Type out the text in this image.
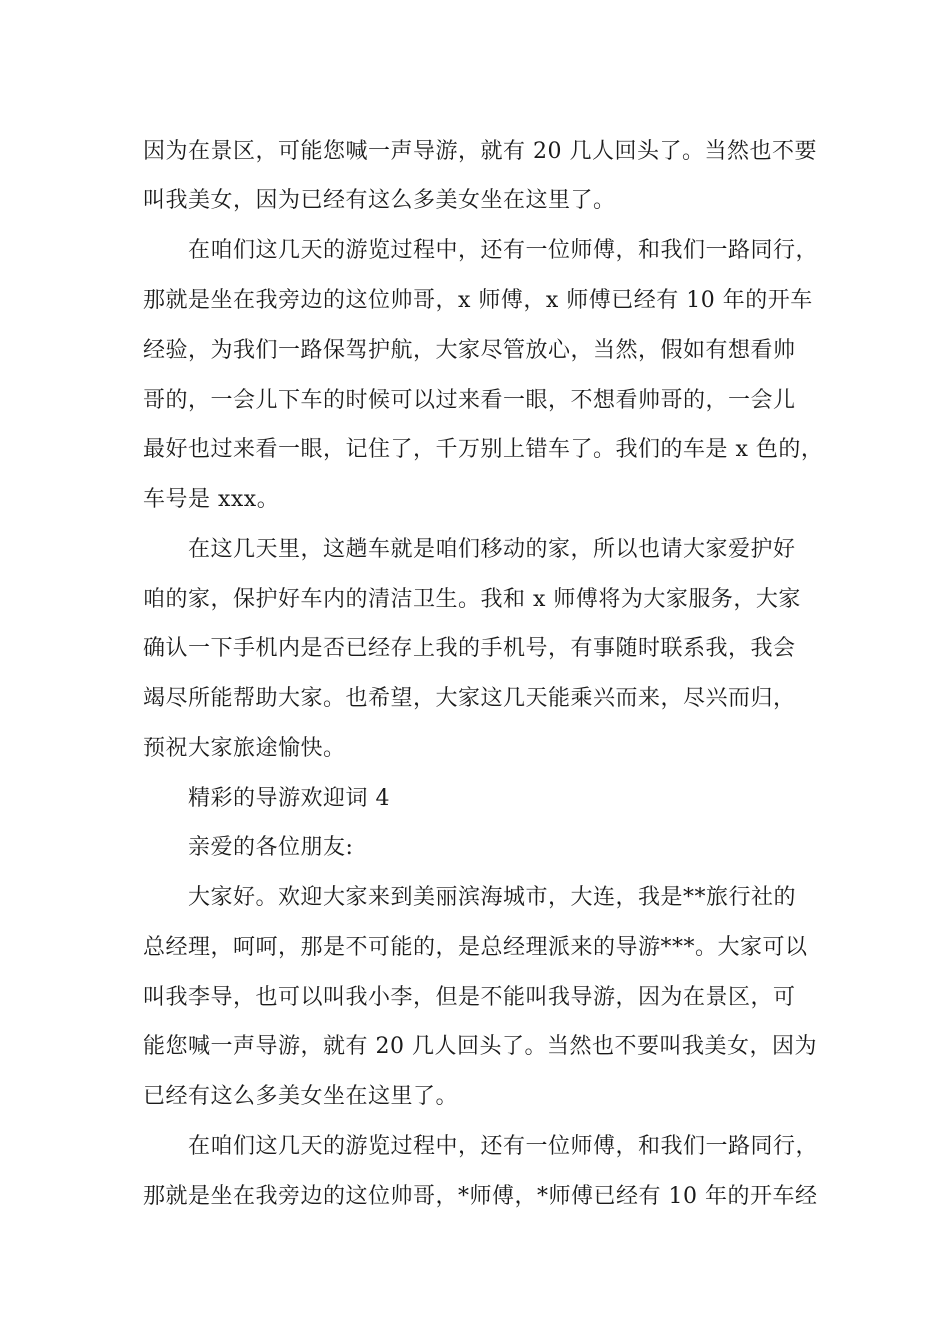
因为在景区，可能您喊一声导游，就有 20 几人回头了。当然也不要
叫我美女，因为已经有这么多美女坐在这里了。
在咱们这几天的游览过程中，还有一位师傅，和我们一路同行，
那就是坐在我旁边的这位帅哥，x 师傅，x 师傅已经有 10 年的开车
经验，为我们一路保驾护航，大家尽管放心，当然，假如有想看帅
哥的，一会儿下车的时候可以过来看一眼，不想看帅哥的，一会儿
最好也过来看一眼，记住了，千万别上错车了。我们的车是 x 色的，
车号是 xxx。
在这几天里，这趟车就是咱们移动的家，所以也请大家爱护好
咱的家，保护好车内的清洁卫生。我和 x 师傅将为大家服务，大家
确认一下手机内是否已经存上我的手机号，有事随时联系我，我会
竭尽所能帮助大家。也希望，大家这几天能乘兴而来，尽兴而归，
预祝大家旅途愉快。
精彩的导游欢迎词 4
亲爱的各位朋友:
大家好。欢迎大家来到美丽滨海城市，大连，我是**旅行社的
总经理，呵呵，那是不可能的，是总经理派来的导游***。大家可以
叫我李导，也可以叫我小李，但是不能叫我导游，因为在景区，可
能您喊一声导游，就有 20 几人回头了。当然也不要叫我美女，因为
已经有这么多美女坐在这里了。
在咱们这几天的游览过程中，还有一位师傅，和我们一路同行，
那就是坐在我旁边的这位帅哥，*师傅，*师傅已经有 10 年的开车经
